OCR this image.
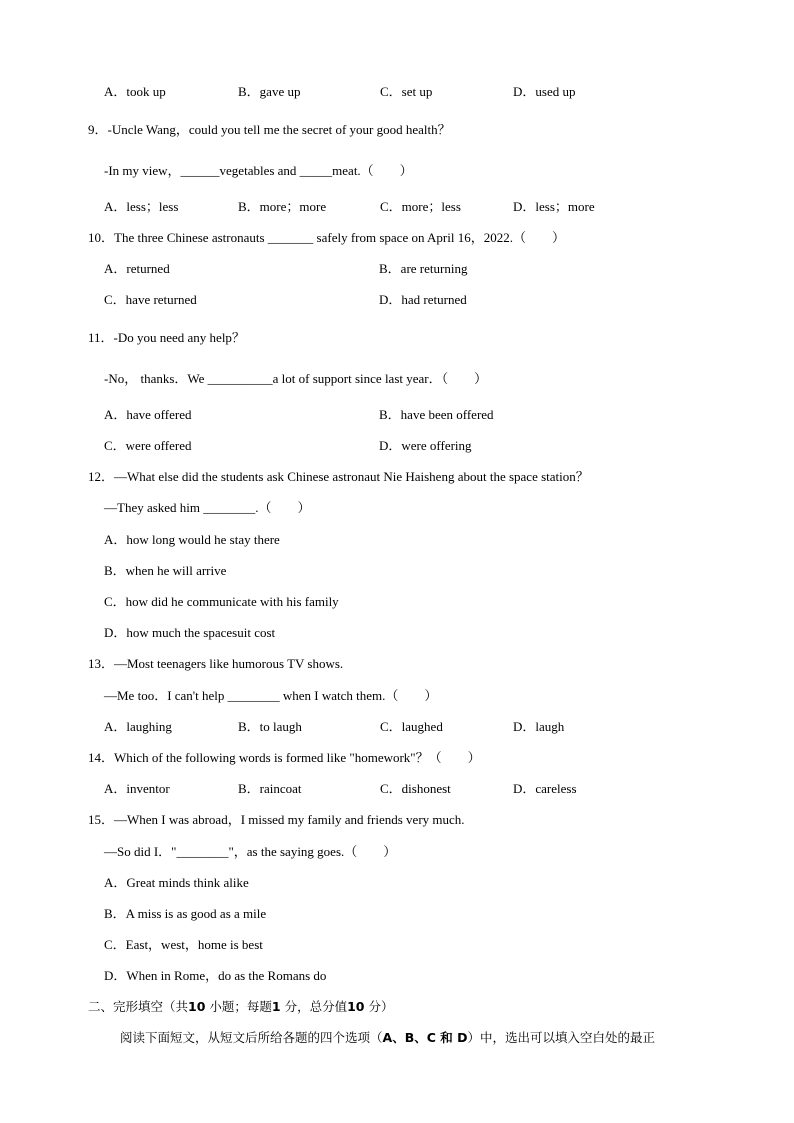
A．took up	B．gave up	C．set up	D．used up
9．-Uncle Wang，could you tell me the secret of your good health？
-In my view，______vegetables and _____meat.（　　）
A．less；less	B．more；more	C．more；less	D．less；more
10．The three Chinese astronauts _______ safely from space on April 16，2022.（　　）
A．returned	B．are returning
C．have returned	D．had returned
11．-Do you need any help？
-No， thanks．We __________a lot of support since last year．（　　）
A．have offered	B．have been offered
C．were offered	D．were offering
12．—What else did the students ask Chinese astronaut Nie Haisheng about the space station？
—They asked him ________.（　　）
A．how long would he stay there
B．when he will arrive
C．how did he communicate with his family
D．how much the spacesuit cost
13．—Most teenagers like humorous TV shows.
—Me too．I can't help ________ when I watch them.（　　）
A．laughing	B．to laugh	C．laughed	D．laugh
14．Which of the following words is formed like "homework"？（　　）
A．inventor	B．raincoat	C．dishonest	D．careless
15．—When I was abroad，I missed my family and friends very much.
—So did I．"________"，as the saying goes.（　　）
A．Great minds think alike
B．A miss is as good as a mile
C．East，west，home is best
D．When in Rome，do as the Romans do
二、完形填空（共10 小题；每题1 分，总分值10 分）
阅读下面短文，从短文后所给各题的四个选项（A、B、C 和 D）中，选出可以填入空白处的最正
